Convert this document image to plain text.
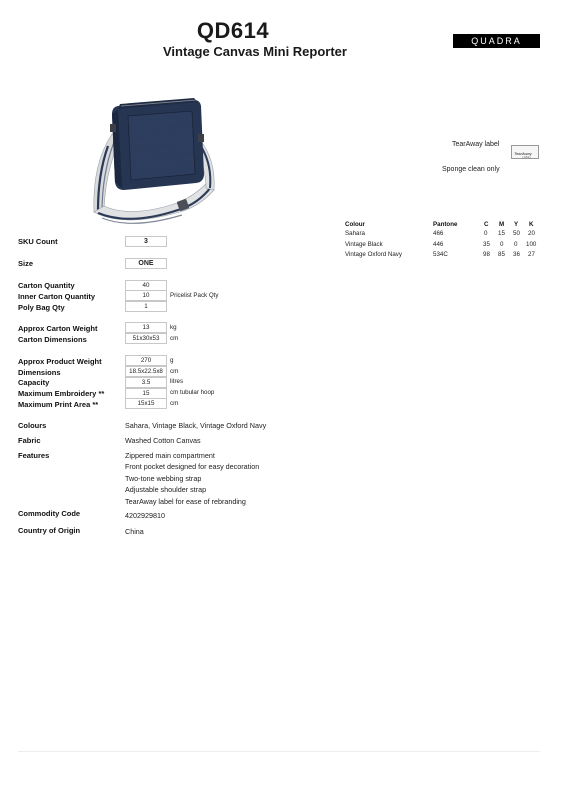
QD614
Vintage Canvas Mini Reporter
QUADRA
TearAway label
TearAway
LABEL
Sponge clean only
Colour	Pantone	C M Y K
Sahara	466	0 15 50 20
Vintage Black	446	35 0 0 100
Vintage Oxford Navy	534C	98 85 36 27
SKU Count	3
Size	ONE
Carton Quantity	40
Inner Carton Quantity	10	Pricelist Pack Qty
Poly Bag Qty	1
Approx Carton Weight	13	kg
Carton Dimensions	51x30x53	cm
Approx Product Weight	270	g
Dimensions	18.5x22.5x8	cm
Capacity	3.5	litres
Maximum Embroidery **	15	cm tubular hoop
Maximum Print Area **	15x15	cm
Colours	Sahara, Vintage Black, Vintage Oxford Navy
Fabric	Washed Cotton Canvas
Features	Zippered main compartment
Front pocket designed for easy decoration
Two-tone webbing strap
Adjustable shoulder strap
TearAway label for ease of rebranding
Commodity Code	4202929810
Country of Origin	China
